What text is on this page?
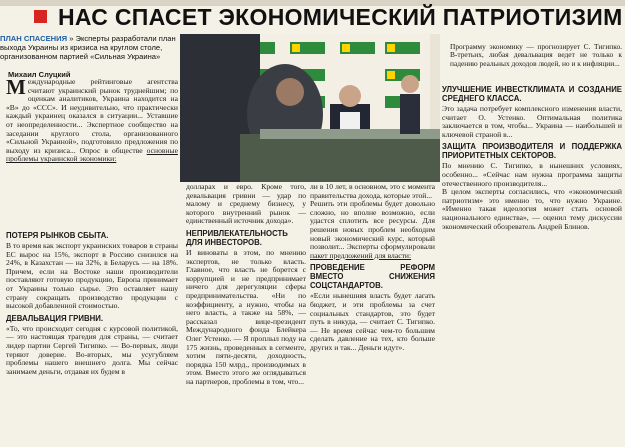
НАС СПАСЕТ ЭКОНОМИЧЕСКИЙ ПАТРИОТИЗИМ
ПЛАН СПАСЕНИЯ » Эксперты разработали план выхода Украины из кризиса на круглом столе, организованном партией «Сильная Украина»
Михаил Слуцкий

Международные рейтинговые агентства считают украинский рынок труднейшим; по оценкам аналитиков, Украина находится на «В» до «ССС». И неудивительно, что практически каждый украинец оказался в ситуации... Уставшие от неопределенности... Экспертное сообщество на заседании круглого стола, организованного «Сильной Украиной», подготовило предложения по выходу из кризиса... Опрос в обществе основные проблемы украинской экономики:

ПОТЕРЯ РЫНКОВ СБЫТА.

В то время как экспорт украинских товаров в страны ЕС вырос на 15%, экспорт в Россию снизился на 24%, в Казахстан — на 32%, в Беларусь — на 18%. Причем, если на Востоке наши производители поставляют готовую продукцию, Европа принимает от Украины только сырье. Это оставляет нашу страну сокращать производство продукции с высокой добавленной стоимостью.

ДЕВАЛЬВАЦИЯ ГРИВНИ.

«То, что происходит сегодня с курсовой политикой, — это настоящая трагедия для страны, — считает лидер партии Сергей Тигипко. — Во-первых, люди теряют доверие. Во-вторых, мы усугубляем проблемы нашего внешнего долга. Мы сейчас занимаем деньги, отдавая их будем в

Программу экономику — прогнозирует С. Тигипко. В-третьих, любая девальвация ведет не только к падению реальных доходов людей, но и к инфляции...

долларах и евро. Кроме того, девальвация гривни — удар по малому и среднему бизнесу, у которого внутренний рынок — единственный источник дохода».

НЕПРИВЛЕКАТЕЛЬНОСТЬ ДЛЯ ИНВЕСТОРОВ.

И виноваты в этом, по мнению экспертов, не только власть. Главное, что власть не борется с коррупцией и не предпринимает ничего для дерегуляции сферы предпринимательства. «Ни по коэффициенту, а нужно, чтобы на него власть, а также на 58%, — рассказал вице-президент Международного фонда Блейкера Олег Устенко. — Я проплыл поду на 175 жизнь, проведенных в сегменте, хотим пяти-десяти, доходность, порядка 150 млрд., производимых в этом. Вместо этого же оглядываться на партнеров, проблемы в том, что...

ли в 10 лет, в основном, это с момента правительства дохода, которые этой...

Решить эти проблемы будет довольно сложно, но вполне возможно, если удастся сплотить все ресурсы. Для решения новых проблем необходим новый экономический курс, который позволит... Эксперты сформулировали пакет предложений для власти:

ПРОВЕДЕНИЕ РЕФОРМ ВМЕСТО СНИЖЕНИЯ СОЦСТАНДАРТОВ.

«Если нынешняя власть будет лагать бюджет, и эти проблемы за счет социальных стандартов, это будет путь в никуда, — считает С. Тигипко. — Не время сейчас чем-то большим сделать давление на тех, кто больше других и так... Деньги идут».

УЛУЧШЕНИЕ ИНВЕСТКЛИМАТА И СОЗДАНИЕ СРЕДНЕГО КЛАССА.

Это задача потребует комплексного изменения власти, считает О. Устенко. Оптимальная политика заключается в том, чтобы... Украина — наибольшей и ключевой страной в...

ЗАЩИТА ПРОИЗВОДИТЕЛЯ И ПОДДЕРЖКА ПРИОРИТЕТНЫХ СЕКТОРОВ.

По мнению С. Тигипко, в нынешних условиях, особенно... «Сейчас нам нужна программа защиты отечественного производителя...

В целом эксперты согласились, что «экономический патриотизм» это именно то, что нужно Украине. «Именно такая идеология может стать основой национального единства», — оценил тему дискуссии экономический обозреватель Андрей Блинов.
